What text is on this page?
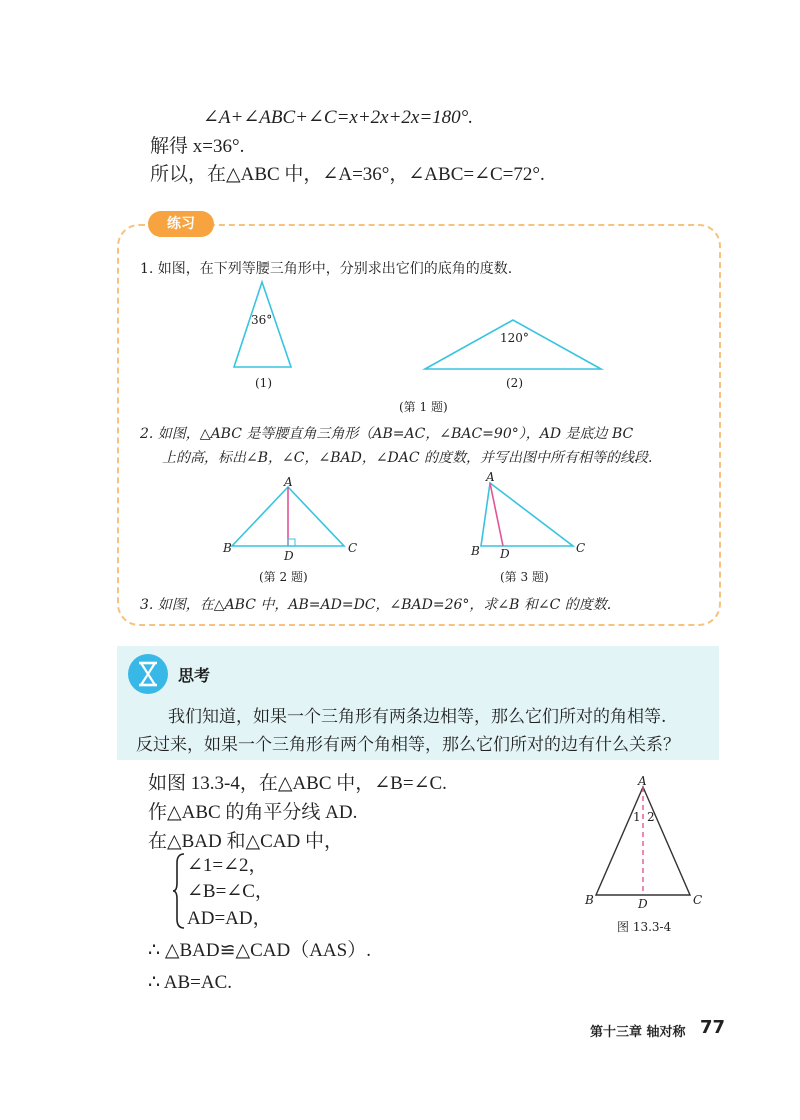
∠A+∠ABC+∠C=x+2x+2x=180°.
解得 x=36°.
所以，在△ABC 中，∠A=36°，∠ABC=∠C=72°.
练习
1. 如图，在下列等腰三角形中，分别求出它们的底角的度数.
36°
120°
(1)	(2)
(第 1 题)
2. 如图，△ABC 是等腰直角三角形（AB=AC，∠BAC=90°），AD 是底边 BC
上的高，标出∠B，∠C，∠BAD，∠DAC 的度数，并写出图中所有相等的线段.
A
B	C
D
(第 2 题)
A
B	C
D
(第 3 题)
3. 如图，在△ABC 中，AB=AD=DC，∠BAD=26°，求∠B 和∠C 的度数.
思考
我们知道，如果一个三角形有两条边相等，那么它们所对的角相等.
反过来，如果一个三角形有两个角相等，那么它们所对的边有什么关系？
如图 13.3-4，在△ABC 中，∠B=∠C.
作△ABC 的角平分线 AD.
在△BAD 和△CAD 中，
∠1=∠2，
∠B=∠C，
AD=AD，
∴ △BAD≌△CAD（AAS）.
∴ AB=AC.
A
1 2
B	D	C
图 13.3-4
第十三章 轴对称 77
